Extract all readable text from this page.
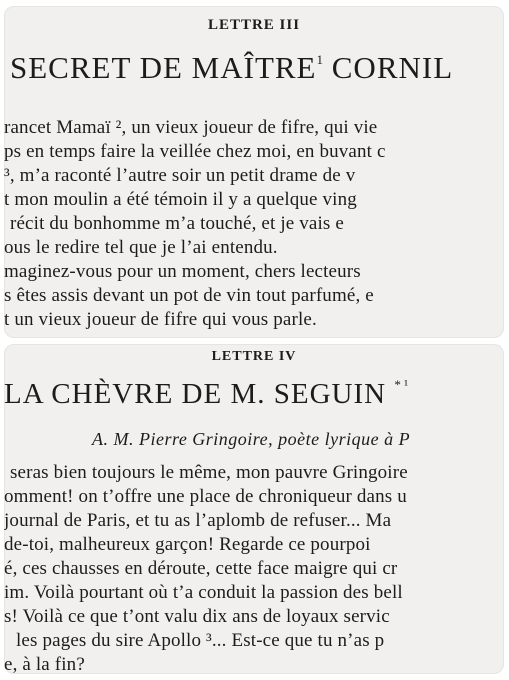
LETTRE III
SECRET DE MAÎTRE$^1$ CORNIL
rancet Mamaï ², un vieux joueur de fifre, qui vie
ps en temps faire la veillée chez moi, en buvant c
³, m’a raconté l’autre soir un petit drame de v
t mon moulin a été témoin il y a quelque ving
récit du bonhomme m’a touché, et je vais e
ous le redire tel que je l’ai entendu.
maginez-vous pour un moment, chers lecteurs
s êtes assis devant un pot de vin tout parfumé, e
t un vieux joueur de fifre qui vous parle.
LETTRE IV
LA CHÈVRE DE M. SEGUIN $^{* ^1}$
A. M. Pierre Gringoire, poète lyrique à P
seras bien toujours le même, mon pauvre Gringoire
omment! on t’offre une place de chroniqueur dans u
journal de Paris, et tu as l’aplomb de refuser... Ma
de-toi, malheureux garçon! Regarde ce pourpoi
é, ces chausses en déroute, cette face maigre qui cr
im. Voilà pourtant où t’a conduit la passion des bell
s! Voilà ce que t’ont valu dix ans de loyaux servic
les pages du sire Apollo ³... Est-ce que tu n’as p
e, à la fin?
